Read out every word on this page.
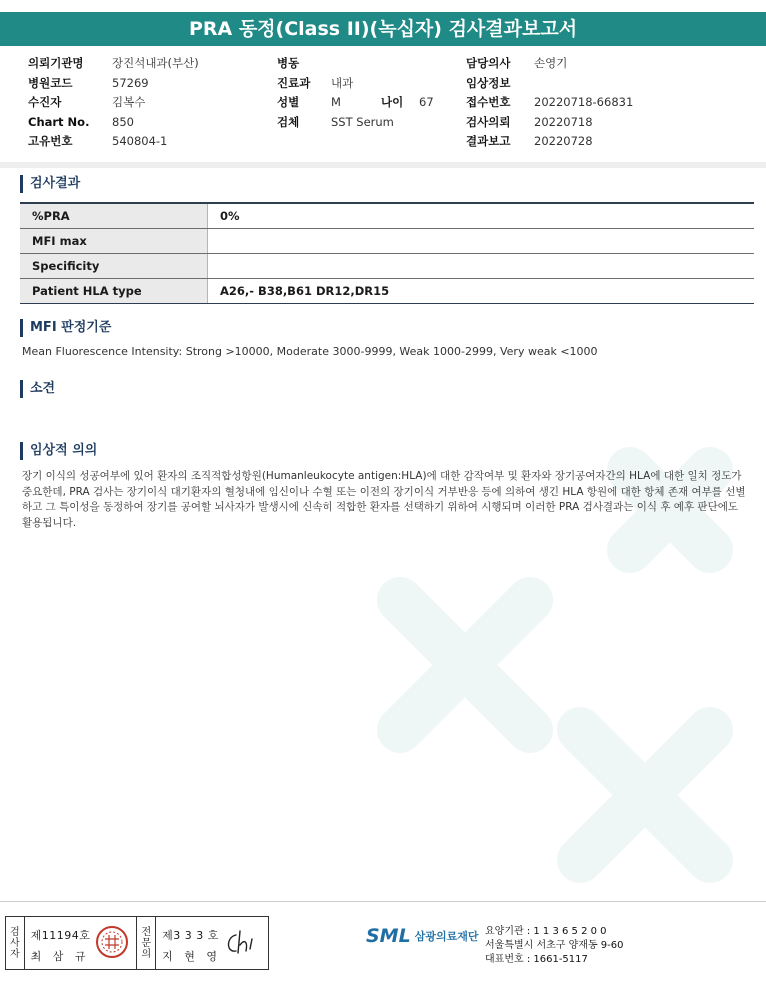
PRA 동정(Class II)(녹십자) 검사결과보고서
의뢰기관명	장진석내과(부산)
병원코드	57269
수진자	김복수
Chart No.	850
고유번호	540804-1
병동
진료과	내과
성별	M	나이	67
검체	SST Serum
담당의사	손영기
임상정보
접수번호	20220718-66831
검사의뢰	20220718
결과보고	20220728
검사결과
%PRA	0%
MFI max	
Specificity	
Patient HLA type	A26,- B38,B61 DR12,DR15
MFI 판정기준
Mean Fluorescence Intensity: Strong >10000, Moderate 3000-9999, Weak 1000-2999, Very weak <1000
소견
임상적 의의
장기 이식의 성공여부에 있어 환자의 조직적합성항원(Humanleukocyte antigen:HLA)에 대한 감작여부 및 환자와 장기공여자간의 HLA에 대한 일치 정도가 중요한데, PRA 검사는 장기이식 대기환자의 혈청내에 임신이나 수혈 또는 이전의 장기이식 거부반응 등에 의하여 생긴 HLA 항원에 대한 항체 존재 여부를 선별하고 그 특이성을 동정하여 장기를 공여할 뇌사자가 발생시에 신속히 적합한 환자를 선택하기 위하여 시행되며 이러한 PRA 검사결과는 이식 후 예후 판단에도 활용됩니다.
검
사
자
제11194호
최 삼 규
전
문
의
제3 3 3 호
지 현 영
SML 삼광의료재단 요양기관 : 1 1 3 6 5 2 0 0
서울특별시 서초구 양재동 9-60
대표번호 : 1661-5117
